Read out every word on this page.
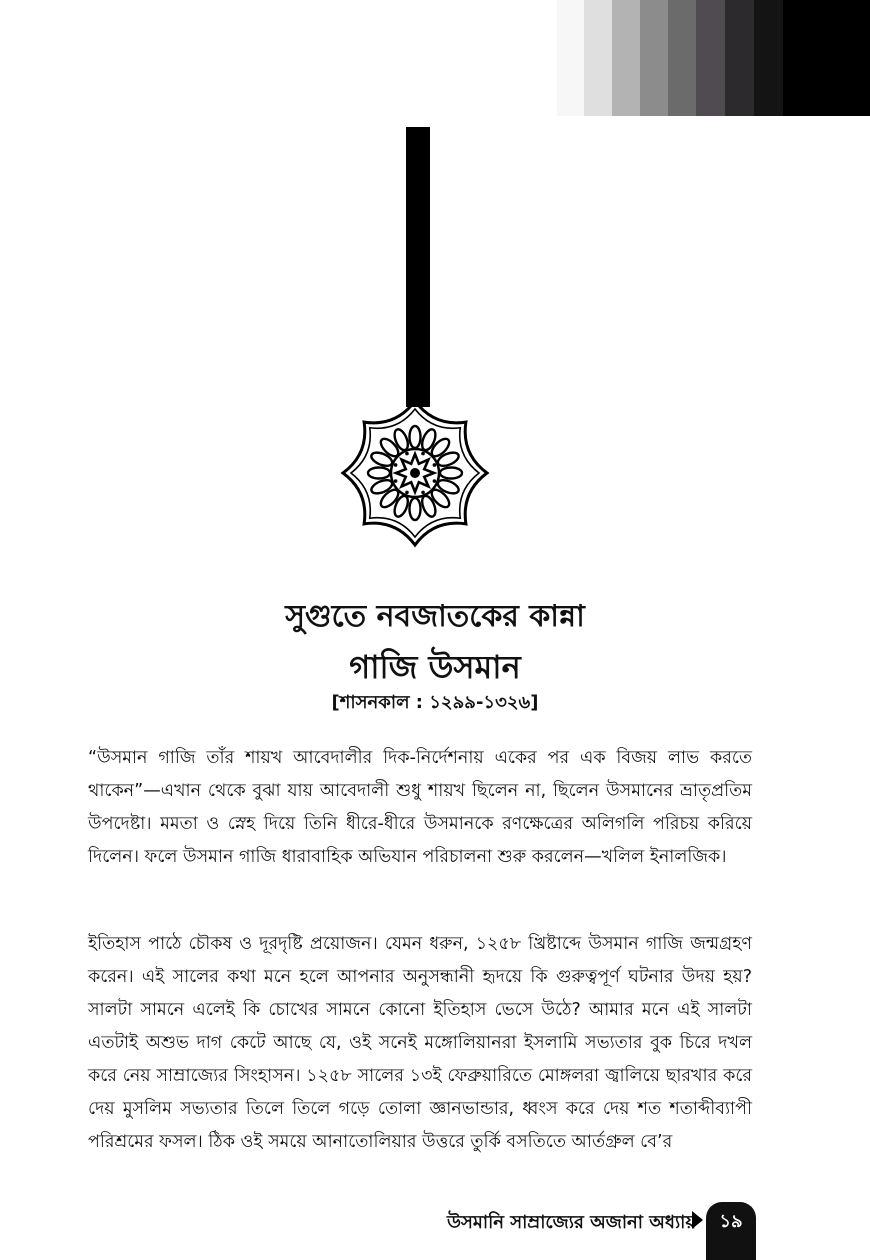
সুগুতে নবজাতকের কান্না
গাজি উসমান
[শাসনকাল : ১২৯৯-১৩২৬]
“উসমান গাজি তাঁর শায়খ আবেদালীর দিক-নির্দেশনায় একের পর এক বিজয় লাভ করতে থাকেন”—এখান থেকে বুঝা যায় আবেদালী শুধু শায়খ ছিলেন না, ছিলেন উসমানের ভ্রাতৃপ্রতিম উপদেষ্টা। মমতা ও স্নেহ দিয়ে তিনি ধীরে-ধীরে উসমানকে রণক্ষেত্রের অলিগলি পরিচয় করিয়ে দিলেন। ফলে উসমান গাজি ধারাবাহিক অভিযান পরিচালনা শুরু করলেন—খলিল ইনালজিক।
ইতিহাস পাঠে চৌকষ ও দূরদৃষ্টি প্রয়োজন। যেমন ধরুন, ১২৫৮ খ্রিষ্টাব্দে উসমান গাজি জন্মগ্রহণ করেন। এই সালের কথা মনে হলে আপনার অনুসন্ধানী হৃদয়ে কি গুরুত্বপূর্ণ ঘটনার উদয় হয়? সালটা সামনে এলেই কি চোখের সামনে কোনো ইতিহাস ভেসে উঠে? আমার মনে এই সালটা এতটাই অশুভ দাগ কেটে আছে যে, ওই সনেই মঙ্গোলিয়ানরা ইসলামি সভ্যতার বুক চিরে দখল করে নেয় সাম্রাজ্যের সিংহাসন। ১২৫৮ সালের ১৩ই ফেব্রুয়ারিতে মোঙ্গলরা জ্বালিয়ে ছারখার করে দেয় মুসলিম সভ্যতার তিলে তিলে গড়ে তোলা জ্ঞানভান্ডার, ধ্বংস করে দেয় শত শতাব্দীব্যাপী পরিশ্রমের ফসল। ঠিক ওই সময়ে আনাতোলিয়ার উত্তরে তুর্কি বসতিতে আর্তগ্রুল বে’র
উসমানি সাম্রাজ্যের অজানা অধ্যায়	১৯
